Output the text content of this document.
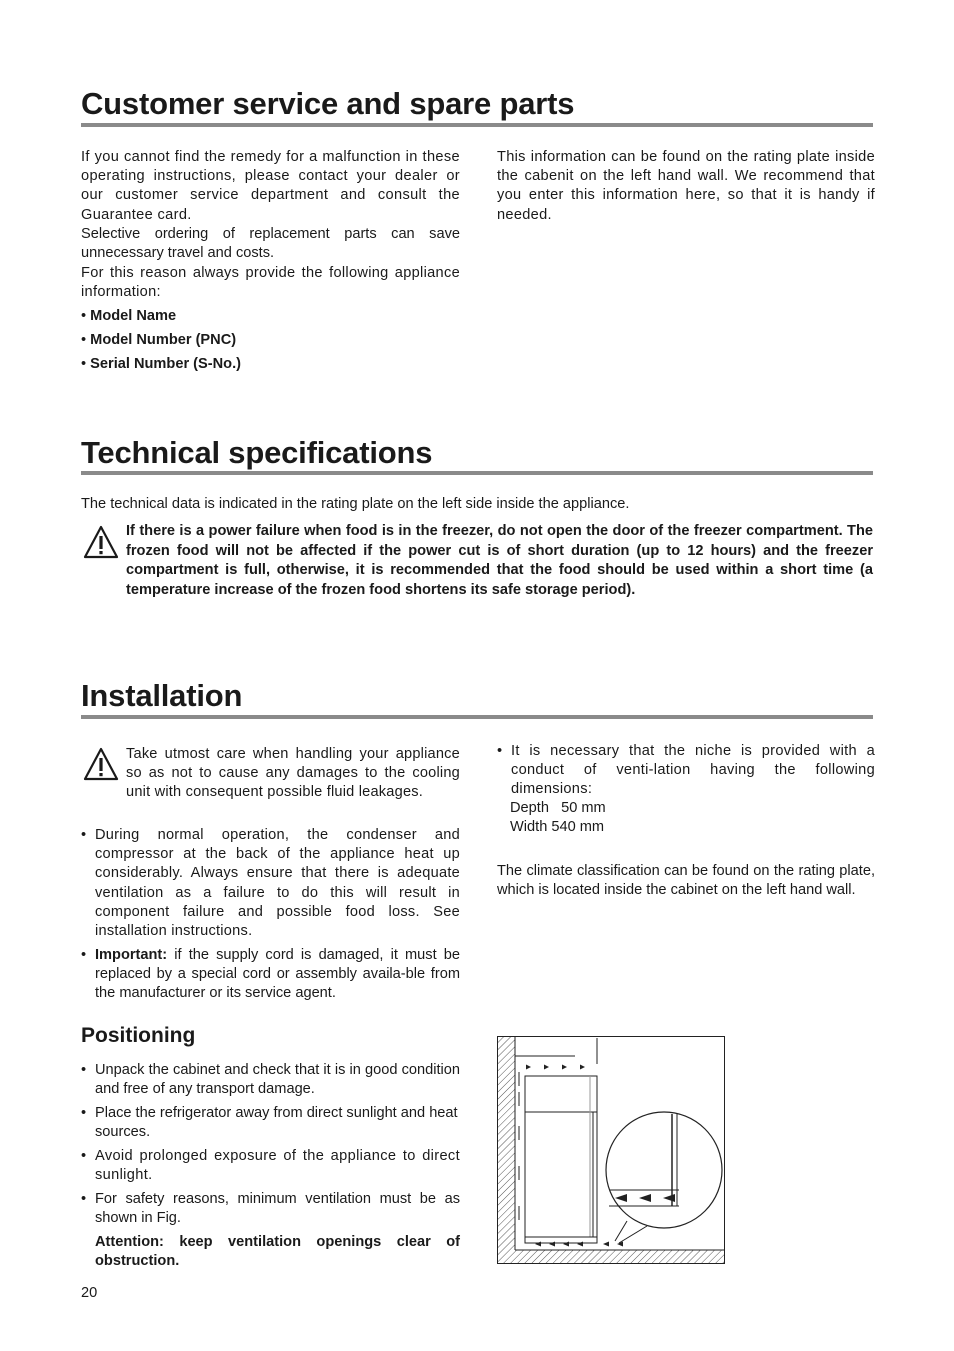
Customer service and spare parts

If you cannot find the remedy for a malfunction in these operating instructions, please contact your dealer or our customer service department and consult the Guarantee card.

Selective ordering of replacement parts can save unnecessary travel and costs.

For this reason always provide the following appliance information:

• Model Name
• Model Number (PNC)
• Serial Number (S-No.)

This information can be found on the rating plate inside the cabenit on the left hand wall. We recommend that you enter this information here, so that it is handy if needed.

Technical specifications

The technical data is indicated in the rating plate on the left side inside the appliance.

If there is a power failure when food is in the freezer, do not open the door of the freezer compartment. The frozen food will not be affected if the power cut is of short duration (up to 12 hours) and the freezer compartment is full, otherwise, it is recommended that the food should be used within a short time (a temperature increase of the frozen food shortens its safe storage period).
Installation

Take utmost care when handling your appliance so as not to cause any damages to the cooling unit with consequent possible fluid leakages.

• During normal operation, the condenser and compressor at the back of the appliance heat up considerably. Always ensure that there is adequate ventilation as a failure to do this will result in component failure and possible food loss. See installation instructions.
• Important: if the supply cord is damaged, it must be replaced by a special cord or assembly availa-ble from the manufacturer or its service agent.
• It is necessary that the niche is provided with a conduct of venti-lation having the following dimensions:
Depth   50 mm
Width 540 mm

The climate classification can be found on the rating plate, which is located inside the cabinet on the left hand wall.

Positioning
• Unpack the cabinet and check that it is in good condition and free of any transport damage.
• Place the refrigerator away from direct sunlight and heat sources.
• Avoid prolonged exposure of the appliance to direct sunlight.
• For safety reasons, minimum ventilation must be as shown in Fig.

Attention: keep ventilation openings clear of obstruction.

20
